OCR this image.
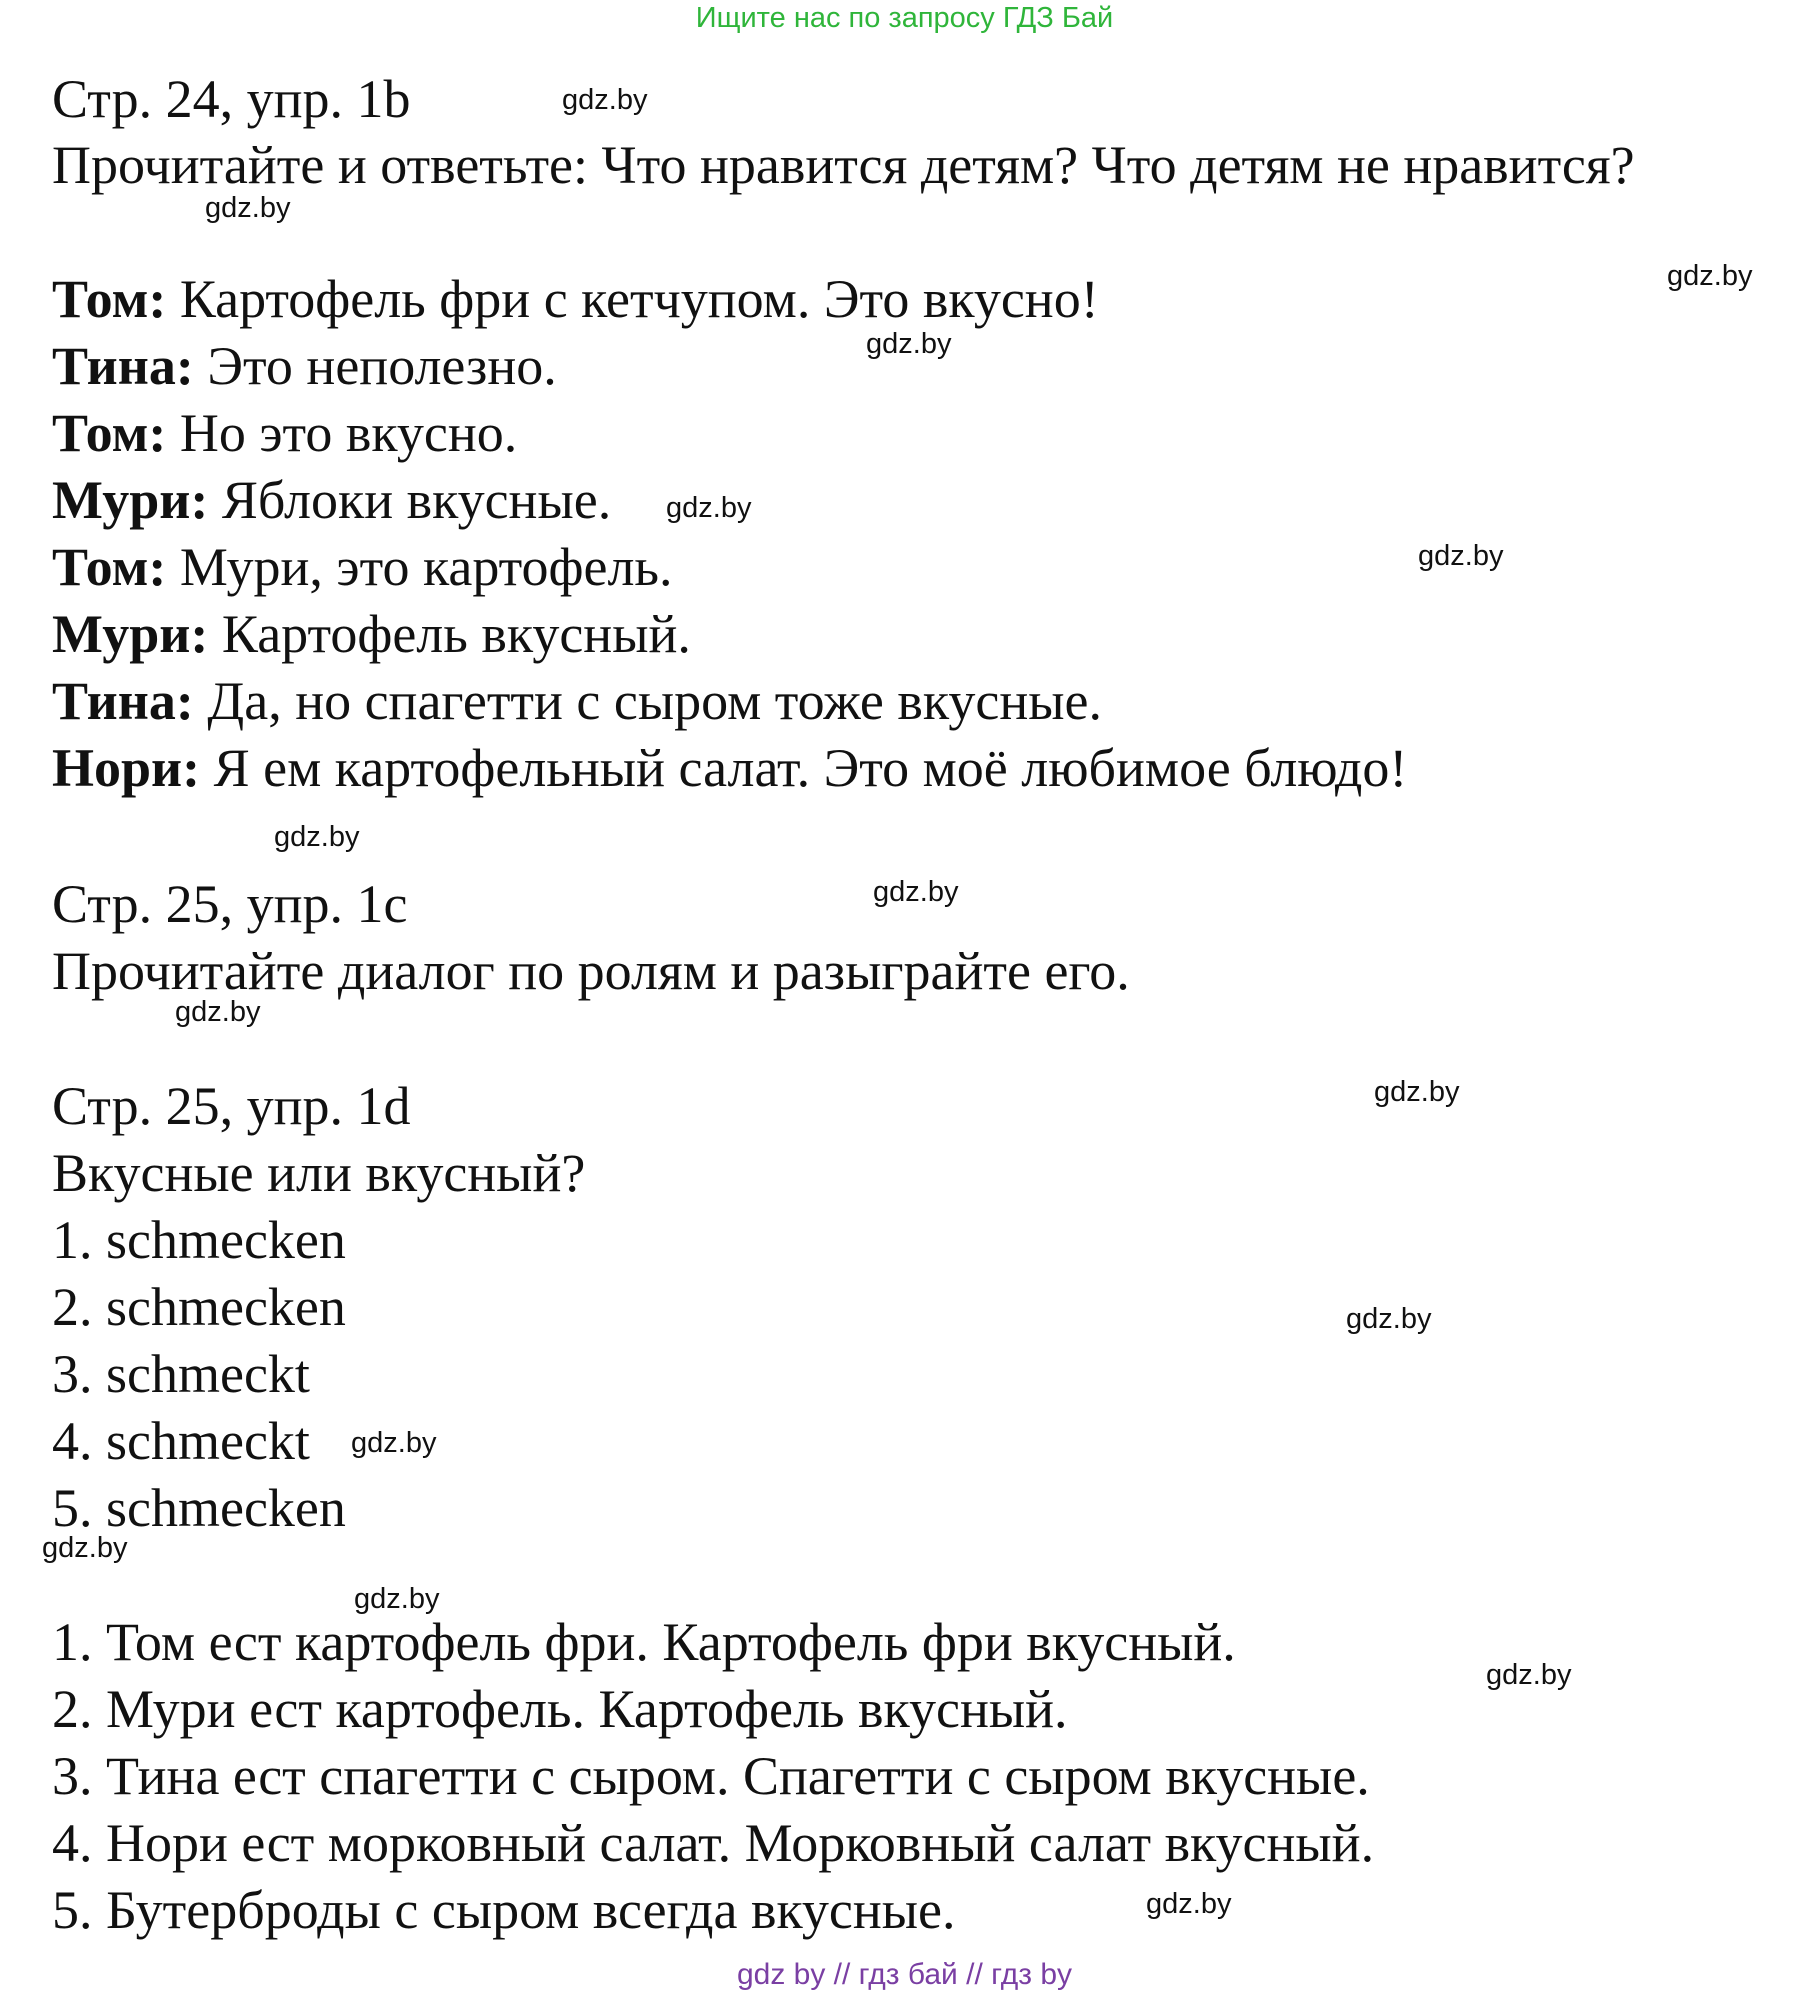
Ищите нас по запросу ГДЗ Бай
Стр. 24, упр. 1b
Прочитайте и ответьте: Что нравится детям? Что детям не нравится?
Том: Картофель фри с кетчупом. Это вкусно!
Тина: Это неполезно.
Том: Но это вкусно.
Мури: Яблоки вкусные.
Том: Мури, это картофель.
Мури: Картофель вкусный.
Тина: Да, но спагетти с сыром тоже вкусные.
Нори: Я ем картофельный салат. Это моё любимое блюдо!
Стр. 25, упр. 1c
Прочитайте диалог по ролям и разыграйте его.
Стр. 25, упр. 1d
Вкусные или вкусный?
1. schmecken
2. schmecken
3. schmeckt
4. schmeckt
5. schmecken
1. Том ест картофель фри. Картофель фри вкусный.
2. Мури ест картофель. Картофель вкусный.
3. Тина ест спагетти с сыром. Спагетти с сыром вкусные.
4. Нори ест морковный салат. Морковный салат вкусный.
5. Бутерброды с сыром всегда вкусные.
gdz.by
gdz.by
gdz.by
gdz.by
gdz.by
gdz.by
gdz.by
gdz.by
gdz.by
gdz.by
gdz.by
gdz.by
gdz.by
gdz.by
gdz.by
gdz.by
gdz by // гдз бай // гдз by
